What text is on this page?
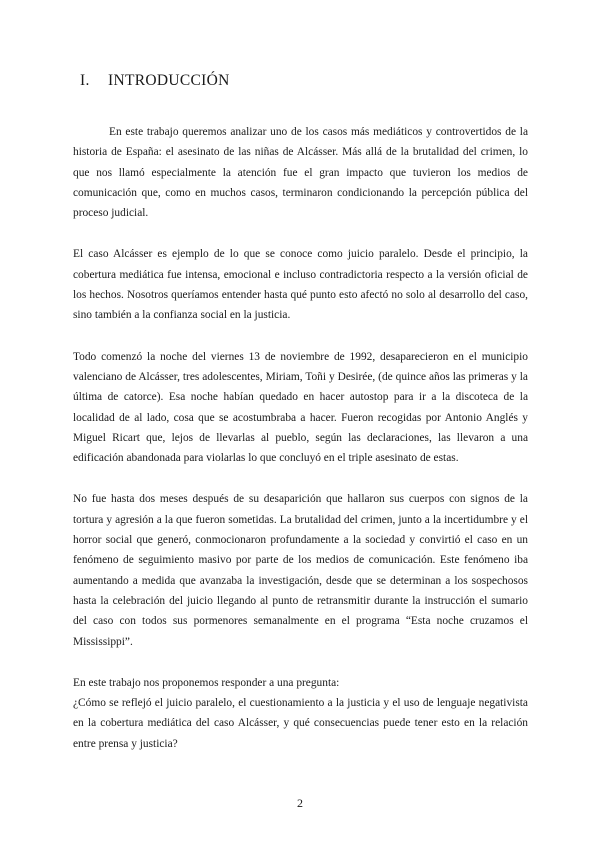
I. INTRODUCCIÓN

En este trabajo queremos analizar uno de los casos más mediáticos y controvertidos de la historia de España: el asesinato de las niñas de Alcásser. Más allá de la brutalidad del crimen, lo que nos llamó especialmente la atención fue el gran impacto que tuvieron los medios de comunicación que, como en muchos casos, terminaron condicionando la percepción pública del proceso judicial.

El caso Alcásser es ejemplo de lo que se conoce como juicio paralelo. Desde el principio, la cobertura mediática fue intensa, emocional e incluso contradictoria respecto a la versión oficial de los hechos. Nosotros queríamos entender hasta qué punto esto afectó no solo al desarrollo del caso, sino también a la confianza social en la justicia.

Todo comenzó la noche del viernes 13 de noviembre de 1992, desaparecieron en el municipio valenciano de Alcásser, tres adolescentes, Miriam, Toñi y Desirée, (de quince años las primeras y la última de catorce). Esa noche habían quedado en hacer autostop para ir a la discoteca de la localidad de al lado, cosa que se acostumbraba a hacer. Fueron recogidas por Antonio Anglés y Miguel Ricart que, lejos de llevarlas al pueblo, según las declaraciones, las llevaron a una edificación abandonada para violarlas lo que concluyó en el triple asesinato de estas.

No fue hasta dos meses después de su desaparición que hallaron sus cuerpos con signos de la tortura y agresión a la que fueron sometidas. La brutalidad del crimen, junto a la incertidumbre y el horror social que generó, conmocionaron profundamente a la sociedad y convirtió el caso en un fenómeno de seguimiento masivo por parte de los medios de comunicación. Este fenómeno iba aumentando a medida que avanzaba la investigación, desde que se determinan a los sospechosos hasta la celebración del juicio llegando al punto de retransmitir durante la instrucción el sumario del caso con todos sus pormenores semanalmente en el programa “Esta noche cruzamos el Mississippi”.

En este trabajo nos proponemos responder a una pregunta:

¿Cómo se reflejó el juicio paralelo, el cuestionamiento a la justicia y el uso de lenguaje negativista en la cobertura mediática del caso Alcásser, y qué consecuencias puede tener esto en la relación entre prensa y justicia?

2
